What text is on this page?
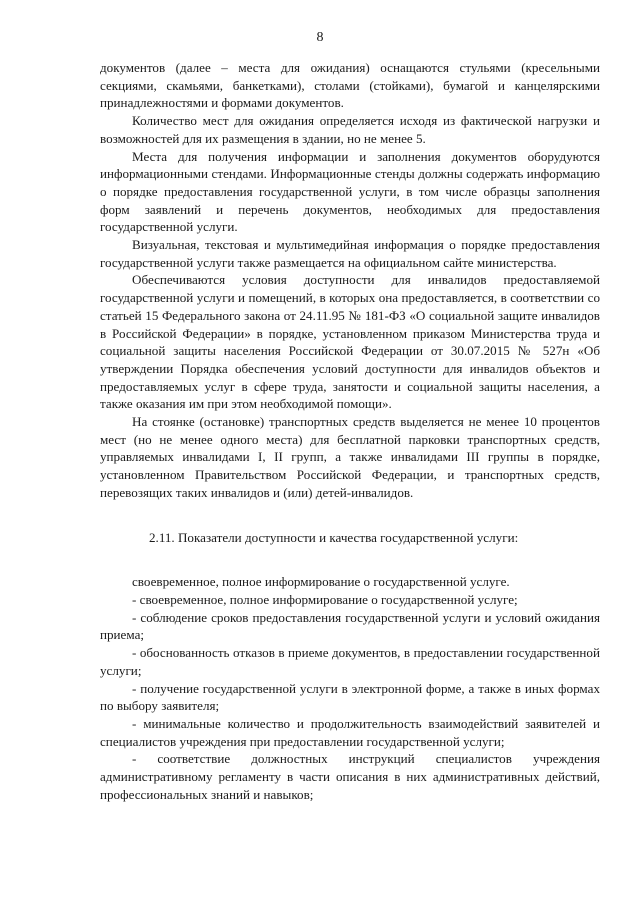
8

документов (далее – места для ожидания) оснащаются стульями (кресельными секциями, скамьями, банкетками), столами (стойками), бумагой и канцелярскими принадлежностями и формами документов.

Количество мест для ожидания определяется исходя из фактической нагрузки и возможностей для их размещения в здании, но не менее 5.

Места для получения информации и заполнения документов оборудуются информационными стендами. Информационные стенды должны содержать информацию о порядке предоставления государственной услуги, в том числе образцы заполнения форм заявлений и перечень документов, необходимых для предоставления государственной услуги.

Визуальная, текстовая и мультимедийная информация о порядке предоставления государственной услуги также размещается на официальном сайте министерства.

Обеспечиваются условия доступности для инвалидов предоставляемой государственной услуги и помещений, в которых она предоставляется, в соответствии со статьей 15 Федерального закона от 24.11.95 № 181-ФЗ «О социальной защите инвалидов в Российской Федерации» в порядке, установленном приказом Министерства труда и социальной защиты населения Российской Федерации от 30.07.2015 № 527н «Об утверждении Порядка обеспечения условий доступности для инвалидов объектов и предоставляемых услуг в сфере труда, занятости и социальной защиты населения, а также оказания им при этом необходимой помощи».

На стоянке (остановке) транспортных средств выделяется не менее 10 процентов мест (но не менее одного места) для бесплатной парковки транспортных средств, управляемых инвалидами I, II групп, а также инвалидами III группы в порядке, установленном Правительством Российской Федерации, и транспортных средств, перевозящих таких инвалидов и (или) детей-инвалидов.

2.11. Показатели доступности и качества государственной услуги:

своевременное, полное информирование о государственной услуге.

- своевременное, полное информирование о государственной услуге;

- соблюдение сроков предоставления государственной услуги и условий ожидания приема;

- обоснованность отказов в приеме документов, в предоставлении государственной услуги;

- получение государственной услуги в электронной форме, а также в иных формах по выбору заявителя;

- минимальные количество и продолжительность взаимодействий заявителей и специалистов учреждения при предоставлении государственной услуги;

- соответствие должностных инструкций специалистов учреждения административному регламенту в части описания в них административных действий, профессиональных знаний и навыков;
